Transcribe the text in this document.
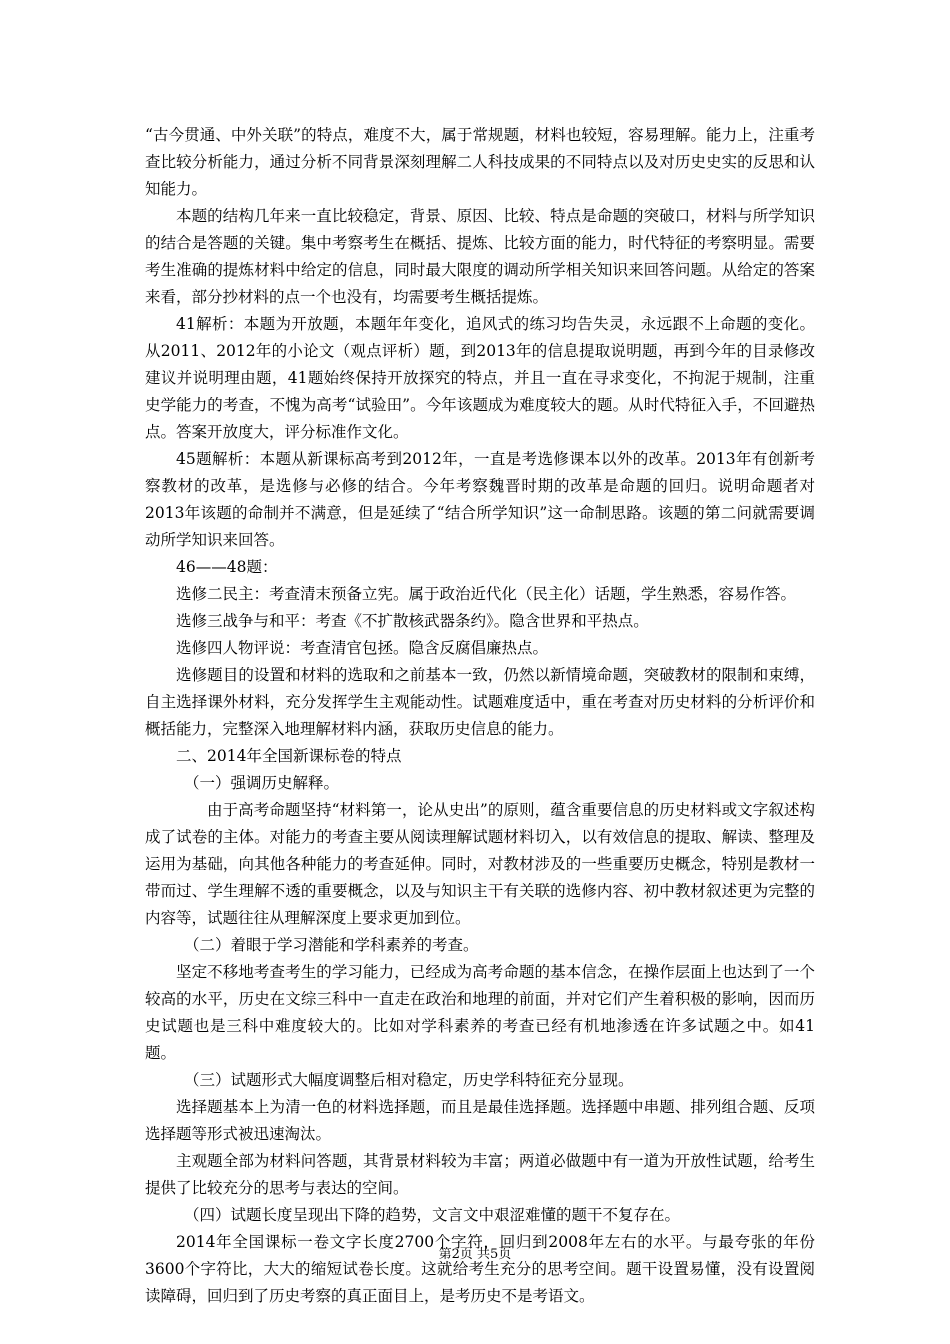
“古今贯通、中外关联”的特点，难度不大，属于常规题，材料也较短，容易理解。能力上，注重考查比较分析能力，通过分析不同背景深刻理解二人科技成果的不同特点以及对历史史实的反思和认知能力。

本题的结构几年来一直比较稳定，背景、原因、比较、特点是命题的突破口，材料与所学知识的结合是答题的关键。集中考察考生在概括、提炼、比较方面的能力，时代特征的考察明显。需要考生准确的提炼材料中给定的信息，同时最大限度的调动所学相关知识来回答问题。从给定的答案来看，部分抄材料的点一个也没有，均需要考生概括提炼。

41解析：本题为开放题，本题年年变化，追风式的练习均告失灵，永远跟不上命题的变化。从2011、2012年的小论文（观点评析）题，到2013年的信息提取说明题，再到今年的目录修改建议并说明理由题，41题始终保持开放探究的特点，并且一直在寻求变化，不拘泥于规制，注重史学能力的考查，不愧为高考“试验田”。今年该题成为难度较大的题。从时代特征入手，不回避热点。答案开放度大，评分标准作文化。

45题解析：本题从新课标高考到2012年，一直是考选修课本以外的改革。2013年有创新考察教材的改革，是选修与必修的结合。今年考察魏晋时期的改革是命题的回归。说明命题者对2013年该题的命制并不满意，但是延续了“结合所学知识”这一命制思路。该题的第二问就需要调动所学知识来回答。

46——48题：

选修二民主：考查清末预备立宪。属于政治近代化（民主化）话题，学生熟悉，容易作答。

选修三战争与和平：考查《不扩散核武器条约》。隐含世界和平热点。

选修四人物评说：考查清官包拯。隐含反腐倡廉热点。

选修题目的设置和材料的选取和之前基本一致，仍然以新情境命题，突破教材的限制和束缚，自主选择课外材料，充分发挥学生主观能动性。试题难度适中，重在考查对历史材料的分析评价和概括能力，完整深入地理解材料内涵，获取历史信息的能力。

二、2014年全国新课标卷的特点

（一）强调历史解释。

由于高考命题坚持“材料第一，论从史出”的原则，蕴含重要信息的历史材料或文字叙述构成了试卷的主体。对能力的考查主要从阅读理解试题材料切入，以有效信息的提取、解读、整理及运用为基础，向其他各种能力的考查延伸。同时，对教材涉及的一些重要历史概念，特别是教材一带而过、学生理解不透的重要概念，以及与知识主干有关联的选修内容、初中教材叙述更为完整的内容等，试题往往从理解深度上要求更加到位。

（二）着眼于学习潜能和学科素养的考查。

坚定不移地考查考生的学习能力，已经成为高考命题的基本信念，在操作层面上也达到了一个较高的水平，历史在文综三科中一直走在政治和地理的前面，并对它们产生着积极的影响，因而历史试题也是三科中难度较大的。比如对学科素养的考查已经有机地渗透在许多试题之中。如41题。

（三）试题形式大幅度调整后相对稳定，历史学科特征充分显现。

选择题基本上为清一色的材料选择题，而且是最佳选择题。选择题中串题、排列组合题、反项选择题等形式被迅速淘汰。

主观题全部为材料问答题，其背景材料较为丰富；两道必做题中有一道为开放性试题，给考生提供了比较充分的思考与表达的空间。

（四）试题长度呈现出下降的趋势，文言文中艰涩难懂的题干不复存在。

2014年全国课标一卷文字长度2700个字符，回归到2008年左右的水平。与最夸张的年份3600个字符比，大大的缩短试卷长度。这就给考生充分的思考空间。题干设置易懂，没有设置阅读障碍，回归到了历史考察的真正面目上，是考历史不是考语文。

第2页 共5页
